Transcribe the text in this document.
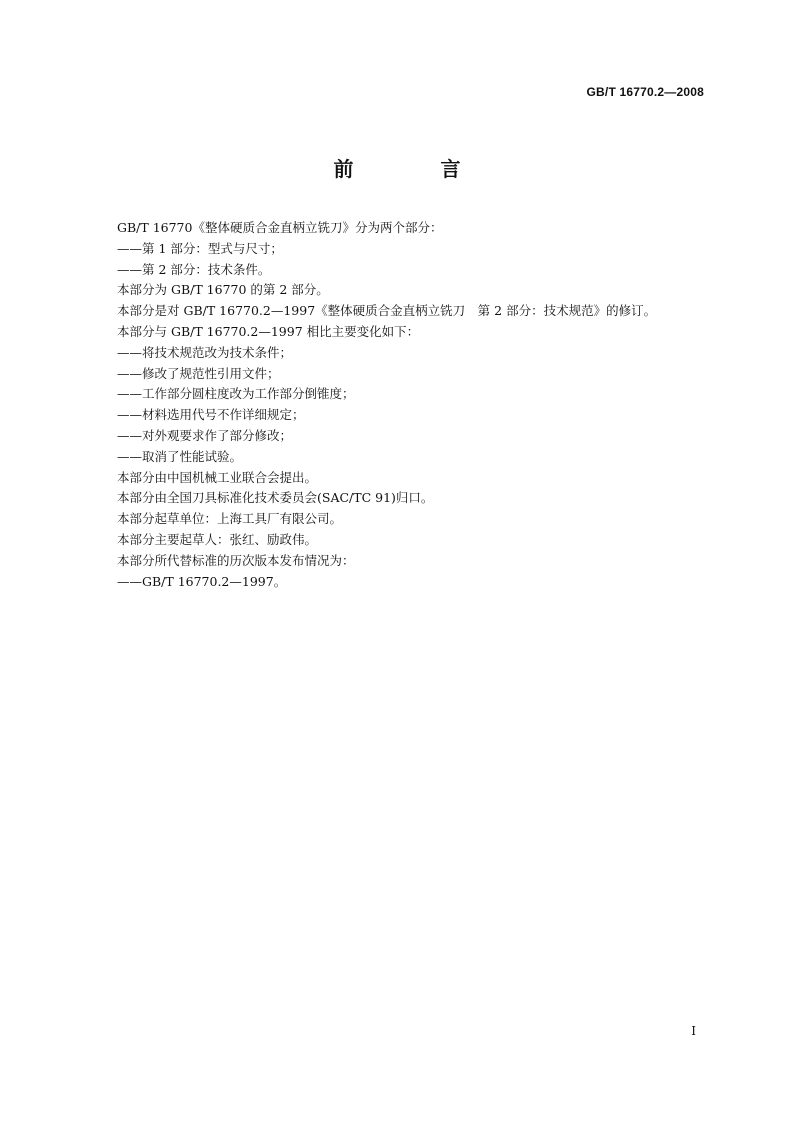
GB/T 16770.2—2008
前 言
GB/T 16770《整体硬质合金直柄立铣刀》分为两个部分：
——第 1 部分：型式与尺寸；
——第 2 部分：技术条件。
本部分为 GB/T 16770 的第 2 部分。
本部分是对 GB/T 16770.2—1997《整体硬质合金直柄立铣刀　第 2 部分：技术规范》的修订。
本部分与 GB/T 16770.2—1997 相比主要变化如下：
——将技术规范改为技术条件；
——修改了规范性引用文件；
——工作部分圆柱度改为工作部分倒锥度；
——材料选用代号不作详细规定；
——对外观要求作了部分修改；
——取消了性能试验。
本部分由中国机械工业联合会提出。
本部分由全国刀具标准化技术委员会(SAC/TC 91)归口。
本部分起草单位：上海工具厂有限公司。
本部分主要起草人：张红、励政伟。
本部分所代替标准的历次版本发布情况为：
——GB/T 16770.2—1997。
I
